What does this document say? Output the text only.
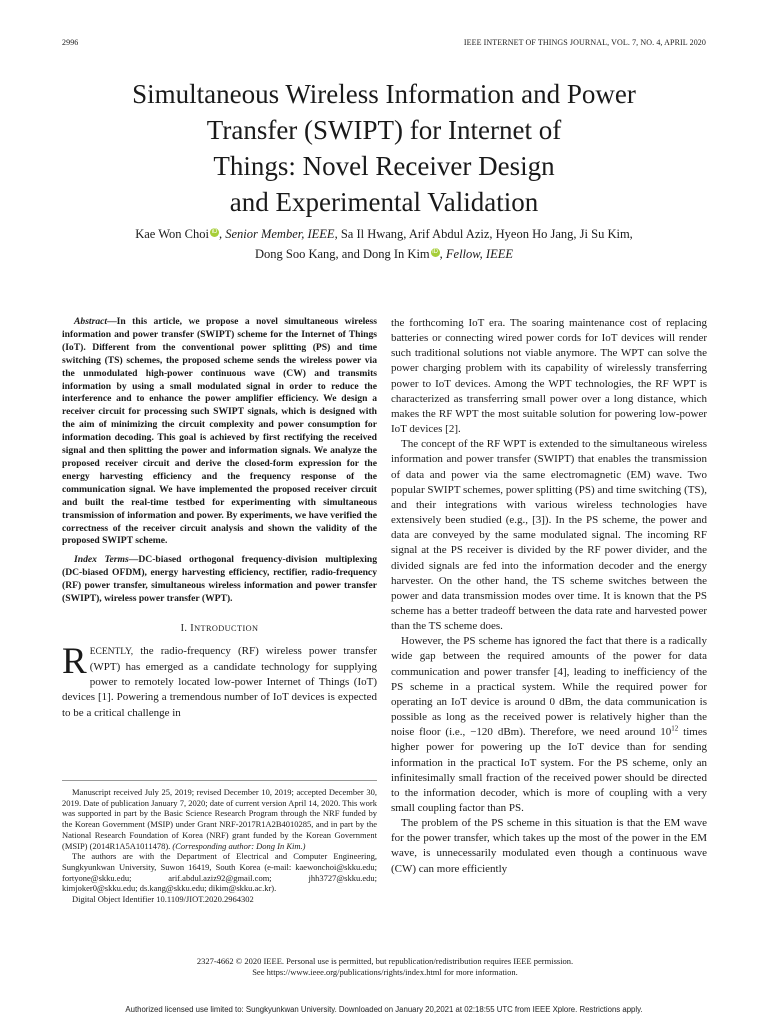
2996	IEEE INTERNET OF THINGS JOURNAL, VOL. 7, NO. 4, APRIL 2020
Simultaneous Wireless Information and Power
Transfer (SWIPT) for Internet of
Things: Novel Receiver Design
and Experimental Validation
Kae Won Choi iD , Senior Member, IEEE, Sa Il Hwang, Arif Abdul Aziz, Hyeon Ho Jang, Ji Su Kim,
Dong Soo Kang, and Dong In Kim iD , Fellow, IEEE

Abstract—In this article, we propose a novel simultaneous wireless information and power transfer (SWIPT) scheme for the Internet of Things (IoT). Different from the conventional power splitting (PS) and time switching (TS) schemes, the proposed scheme sends the wireless power via the unmodulated high-power continuous wave (CW) and transmits information by using a small modulated signal in order to reduce the interference and to enhance the power amplifier efficiency. We design a receiver circuit for processing such SWIPT signals, which is designed with the aim of minimizing the circuit complexity and power consumption for information decoding. This goal is achieved by first rectifying the received signal and then splitting the power and information signals. We analyze the proposed receiver circuit and derive the closed-form expression for the energy harvesting efficiency and the frequency response of the communication signal. We have implemented the proposed receiver circuit and built the real-time testbed for experimenting with simultaneous transmission of information and power. By experiments, we have verified the correctness of the receiver circuit analysis and shown the validity of the proposed SWIPT scheme.

Index Terms—DC-biased orthogonal frequency-division multiplexing (DC-biased OFDM), energy harvesting efficiency, rectifier, radio-frequency (RF) power transfer, simultaneous wireless information and power transfer (SWIPT), wireless power transfer (WPT).

I. INTRODUCTION

RECENTLY, the radio-frequency (RF) wireless power transfer (WPT) has emerged as a candidate technology for supplying power to remotely located low-power Internet of Things (IoT) devices [1]. Powering a tremendous number of IoT devices is expected to be a critical challenge in

Manuscript received July 25, 2019; revised December 10, 2019; accepted December 30, 2019. Date of publication January 7, 2020; date of current version April 14, 2020. This work was supported in part by the Basic Science Research Program through the NRF funded by the Korean Government (MSIP) under Grant NRF-2017R1A2B4010285, and in part by the National Research Foundation of Korea (NRF) grant funded by the Korean Government (MSIP) (2014R1A5A1011478). (Corresponding author: Dong In Kim.)

The authors are with the Department of Electrical and Computer Engineering, Sungkyunkwan University, Suwon 16419, South Korea (e-mail: kaewonchoi@skku.edu; fortyone@skku.edu; arif.abdul.aziz92@gmail.com; jhh3727@skku.edu; kimjoker0@skku.edu; ds.kang@skku.edu; dikim@skku.ac.kr).

Digital Object Identifier 10.1109/JIOT.2020.2964302

the forthcoming IoT era. The soaring maintenance cost of replacing batteries or connecting wired power cords for IoT devices will render such traditional solutions not viable anymore. The WPT can solve the power charging problem with its capability of wirelessly transferring power to IoT devices. Among the WPT technologies, the RF WPT is characterized as transferring small power over a long distance, which makes the RF WPT the most suitable solution for powering low-power IoT devices [2].

The concept of the RF WPT is extended to the simultaneous wireless information and power transfer (SWIPT) that enables the transmission of data and power via the same electromagnetic (EM) wave. Two popular SWIPT schemes, power splitting (PS) and time switching (TS), and their integrations with various wireless technologies have extensively been studied (e.g., [3]). In the PS scheme, the power and data are conveyed by the same modulated signal. The incoming RF signal at the PS receiver is divided by the RF power divider, and the divided signals are fed into the information decoder and the energy harvester. On the other hand, the TS scheme switches between the power and data transmission modes over time. It is known that the PS scheme has a better tradeoff between the data rate and harvested power than the TS scheme does.

However, the PS scheme has ignored the fact that there is a radically wide gap between the required amounts of the power for data communication and power transfer [4], leading to inefficiency of the PS scheme in a practical system. While the required power for operating an IoT device is around 0 dBm, the data communication is possible as long as the received power is relatively higher than the noise floor (i.e., −120 dBm). Therefore, we need around $10^{12}$ times higher power for powering up the IoT device than for sending information in the practical IoT system. For the PS scheme, only an infinitesimally small fraction of the received power should be directed to the information decoder, which is more of coupling with a very small coupling factor than PS.

The problem of the PS scheme in this situation is that the EM wave for the power transfer, which takes up the most of the power in the EM wave, is unnecessarily modulated even though a continuous wave (CW) can more efficiently

2327-4662 © 2020 IEEE. Personal use is permitted, but republication/redistribution requires IEEE permission.
See https://www.ieee.org/publications/rights/index.html for more information.
Authorized licensed use limited to: Sungkyunkwan University. Downloaded on January 20,2021 at 02:18:55 UTC from IEEE Xplore. Restrictions apply.
